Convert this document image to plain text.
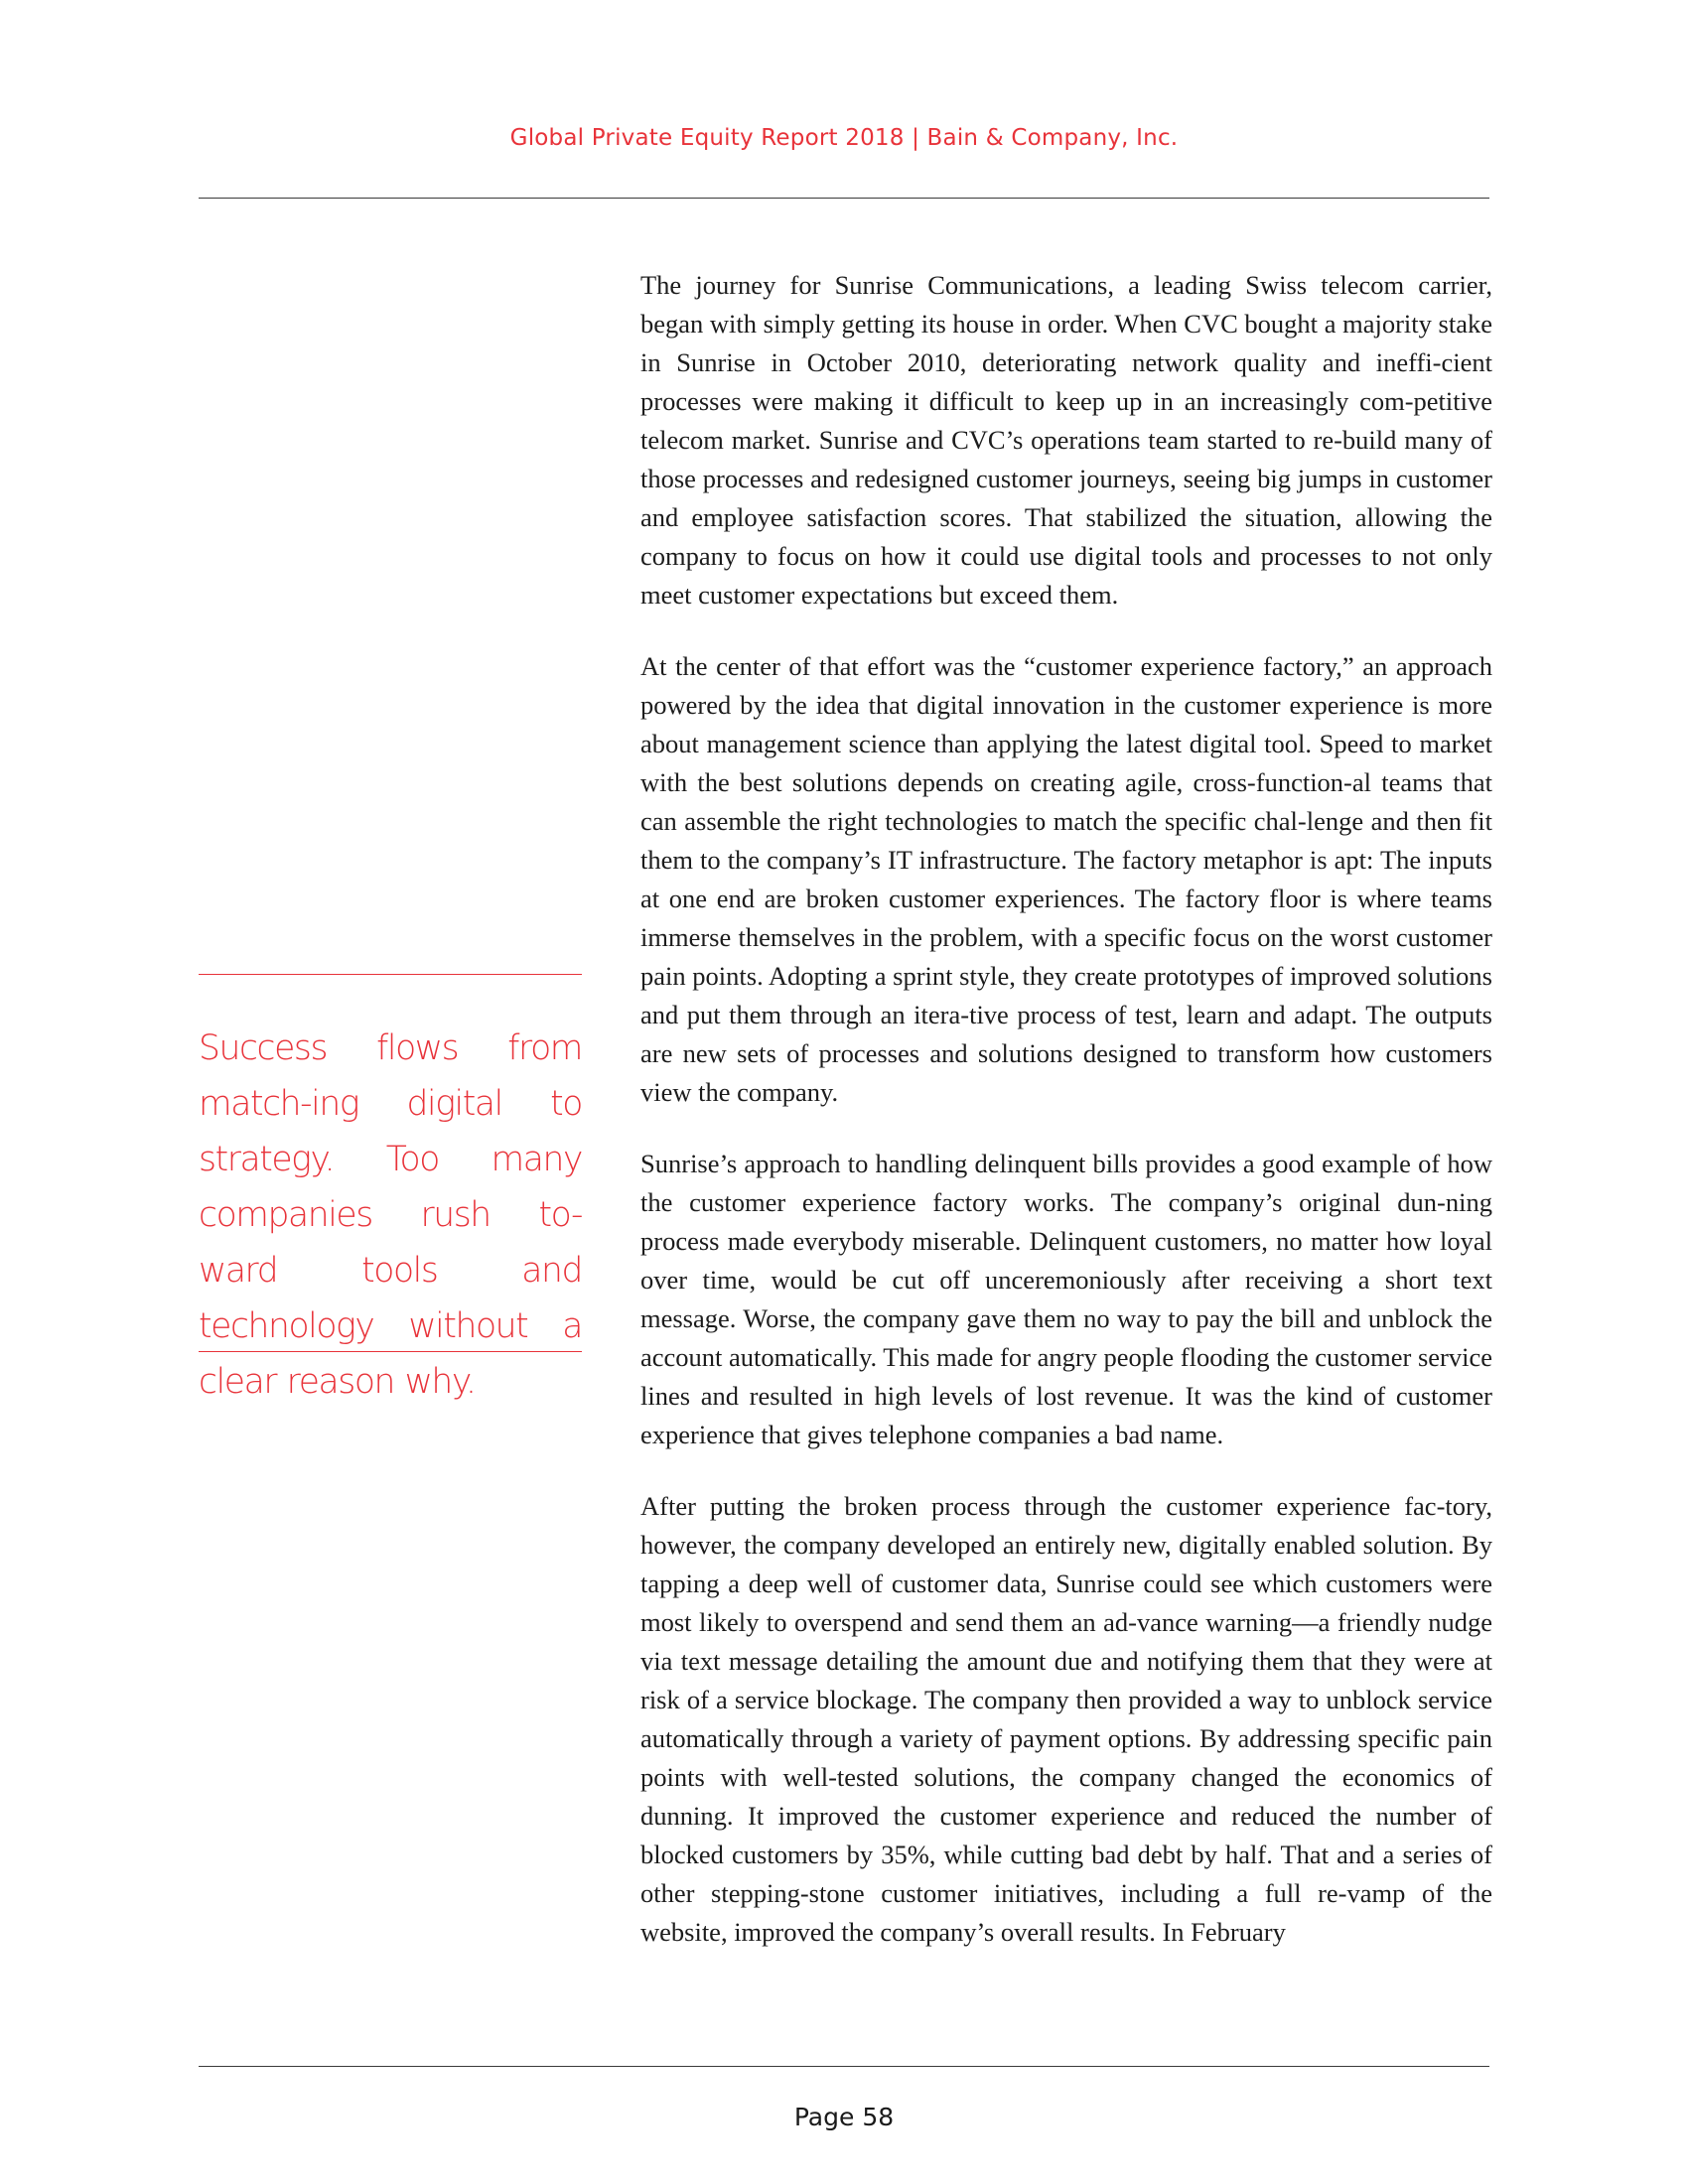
Global Private Equity Report 2018 | Bain & Company, Inc.
Success flows from match-ing digital to strategy. Too many companies rush to-ward tools and technology without a clear reason why.

The journey for Sunrise Communications, a leading Swiss telecom carrier, began with simply getting its house in order. When CVC bought a majority stake in Sunrise in October 2010, deteriorating network quality and ineffi-cient processes were making it difficult to keep up in an increasingly com-petitive telecom market. Sunrise and CVC’s operations team started to re-build many of those processes and redesigned customer journeys, seeing big jumps in customer and employee satisfaction scores. That stabilized the situation, allowing the company to focus on how it could use digital tools and processes to not only meet customer expectations but exceed them.

At the center of that effort was the “customer experience factory,” an approach powered by the idea that digital innovation in the customer experience is more about management science than applying the latest digital tool. Speed to market with the best solutions depends on creating agile, cross-function-al teams that can assemble the right technologies to match the specific chal-lenge and then fit them to the company’s IT infrastructure. The factory metaphor is apt: The inputs at one end are broken customer experiences. The factory floor is where teams immerse themselves in the problem, with a specific focus on the worst customer pain points. Adopting a sprint style, they create prototypes of improved solutions and put them through an itera-tive process of test, learn and adapt. The outputs are new sets of processes and solutions designed to transform how customers view the company.

Sunrise’s approach to handling delinquent bills provides a good example of how the customer experience factory works. The company’s original dun-ning process made everybody miserable. Delinquent customers, no matter how loyal over time, would be cut off unceremoniously after receiving a short text message. Worse, the company gave them no way to pay the bill and unblock the account automatically. This made for angry people flooding the customer service lines and resulted in high levels of lost revenue. It was the kind of customer experience that gives telephone companies a bad name.

After putting the broken process through the customer experience fac-tory, however, the company developed an entirely new, digitally enabled solution. By tapping a deep well of customer data, Sunrise could see which customers were most likely to overspend and send them an ad-vance warning—a friendly nudge via text message detailing the amount due and notifying them that they were at risk of a service blockage. The company then provided a way to unblock service automatically through a variety of payment options. By addressing specific pain points with well-tested solutions, the company changed the economics of dunning. It improved the customer experience and reduced the number of blocked customers by 35%, while cutting bad debt by half. That and a series of other stepping-stone customer initiatives, including a full re-vamp of the website, improved the company’s overall results. In February

Page 58
